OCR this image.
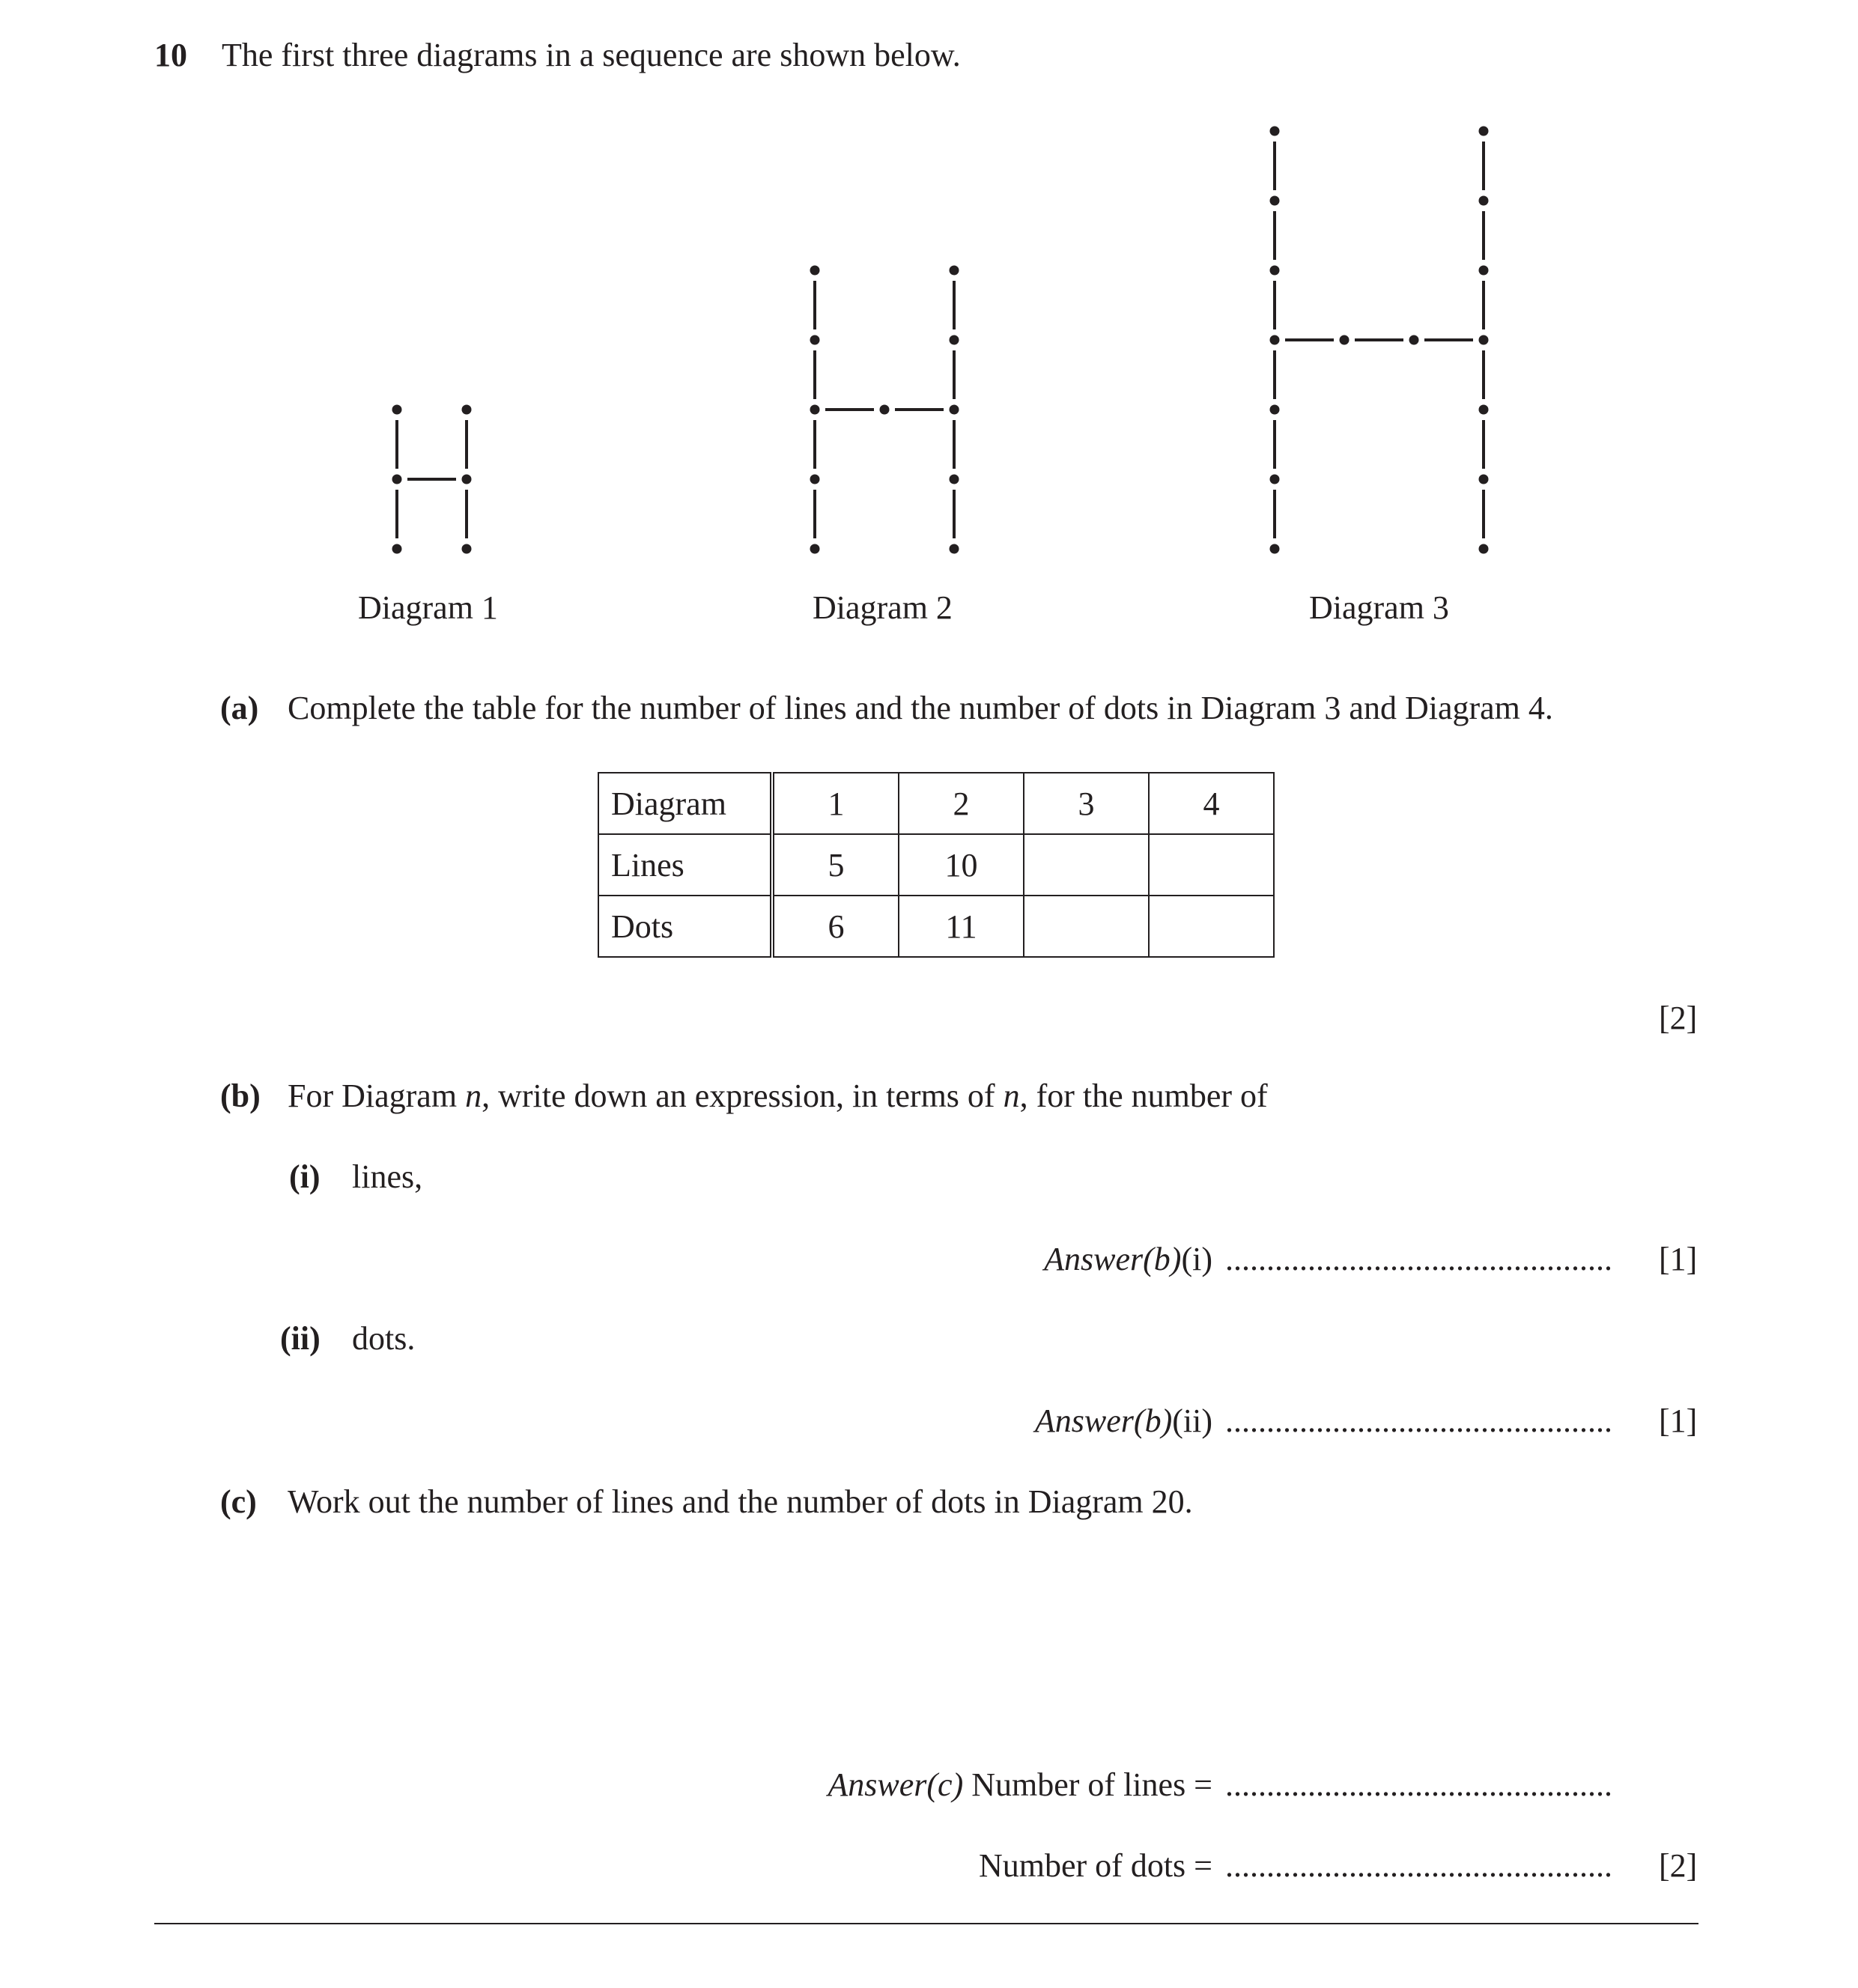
10 The first three diagrams in a sequence are shown below.
Diagram 1	Diagram 2	Diagram 3
(a) Complete the table for the number of lines and the number of dots in Diagram 3 and Diagram 4.
Diagram	1	2	3	4
Lines	5	10		
Dots	6	11		
[2]
(b) For Diagram n, write down an expression, in terms of n, for the number of
(i) lines,
Answer(b)(i) ............................................... [1]
(ii) dots.
Answer(b)(ii) ............................................... [1]
(c) Work out the number of lines and the number of dots in Diagram 20.
Answer(c) Number of lines = ...............................................
Number of dots = ............................................... [2]
